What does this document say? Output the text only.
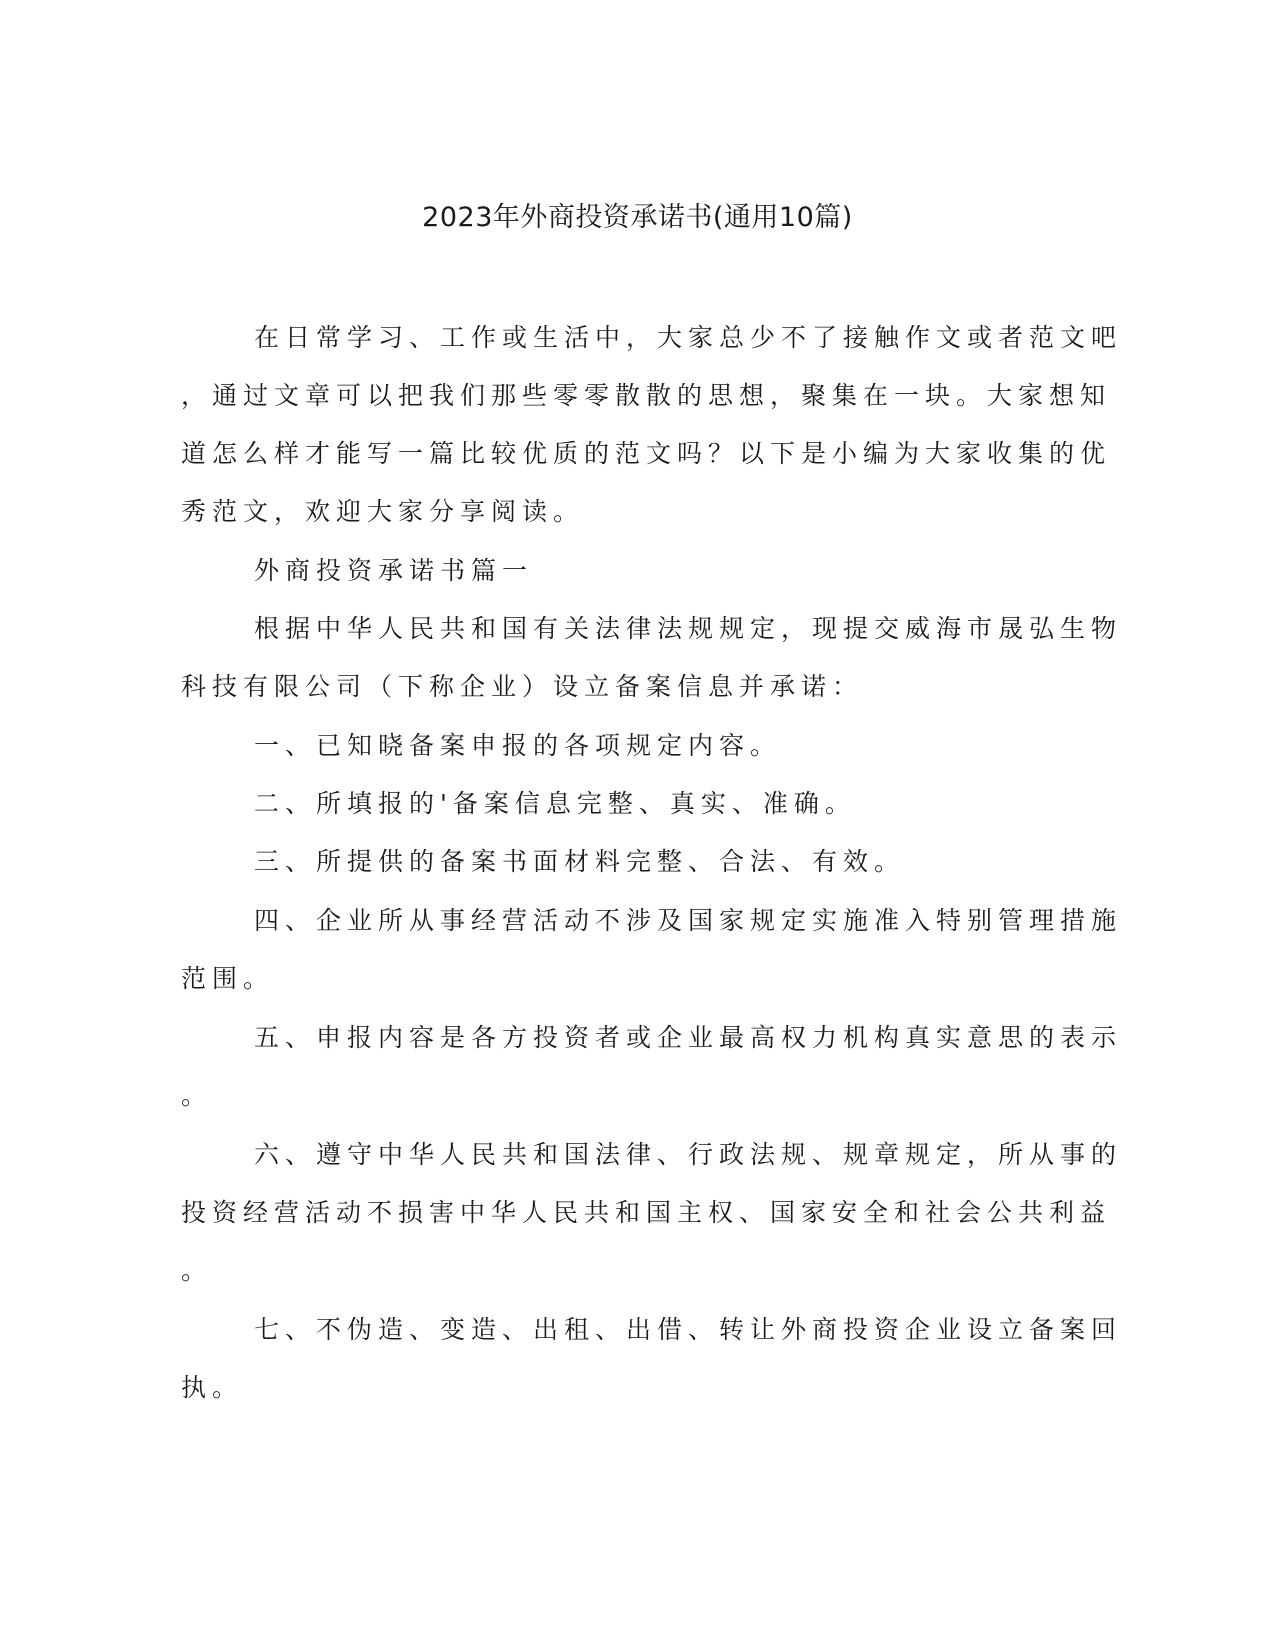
2023年外商投资承诺书(通用10篇)
在日常学习、工作或生活中，大家总少不了接触作文或者范文吧
，通过文章可以把我们那些零零散散的思想，聚集在一块。大家想知
道怎么样才能写一篇比较优质的范文吗？以下是小编为大家收集的优
秀范文，欢迎大家分享阅读。
外商投资承诺书篇一
根据中华人民共和国有关法律法规规定，现提交威海市晟弘生物
科技有限公司（下称企业）设立备案信息并承诺：
一、已知晓备案申报的各项规定内容。
二、所填报的'备案信息完整、真实、准确。
三、所提供的备案书面材料完整、合法、有效。
四、企业所从事经营活动不涉及国家规定实施准入特别管理措施
范围。
五、申报内容是各方投资者或企业最高权力机构真实意思的表示
。
六、遵守中华人民共和国法律、行政法规、规章规定，所从事的
投资经营活动不损害中华人民共和国主权、国家安全和社会公共利益
。
七、不伪造、变造、出租、出借、转让外商投资企业设立备案回
执。
